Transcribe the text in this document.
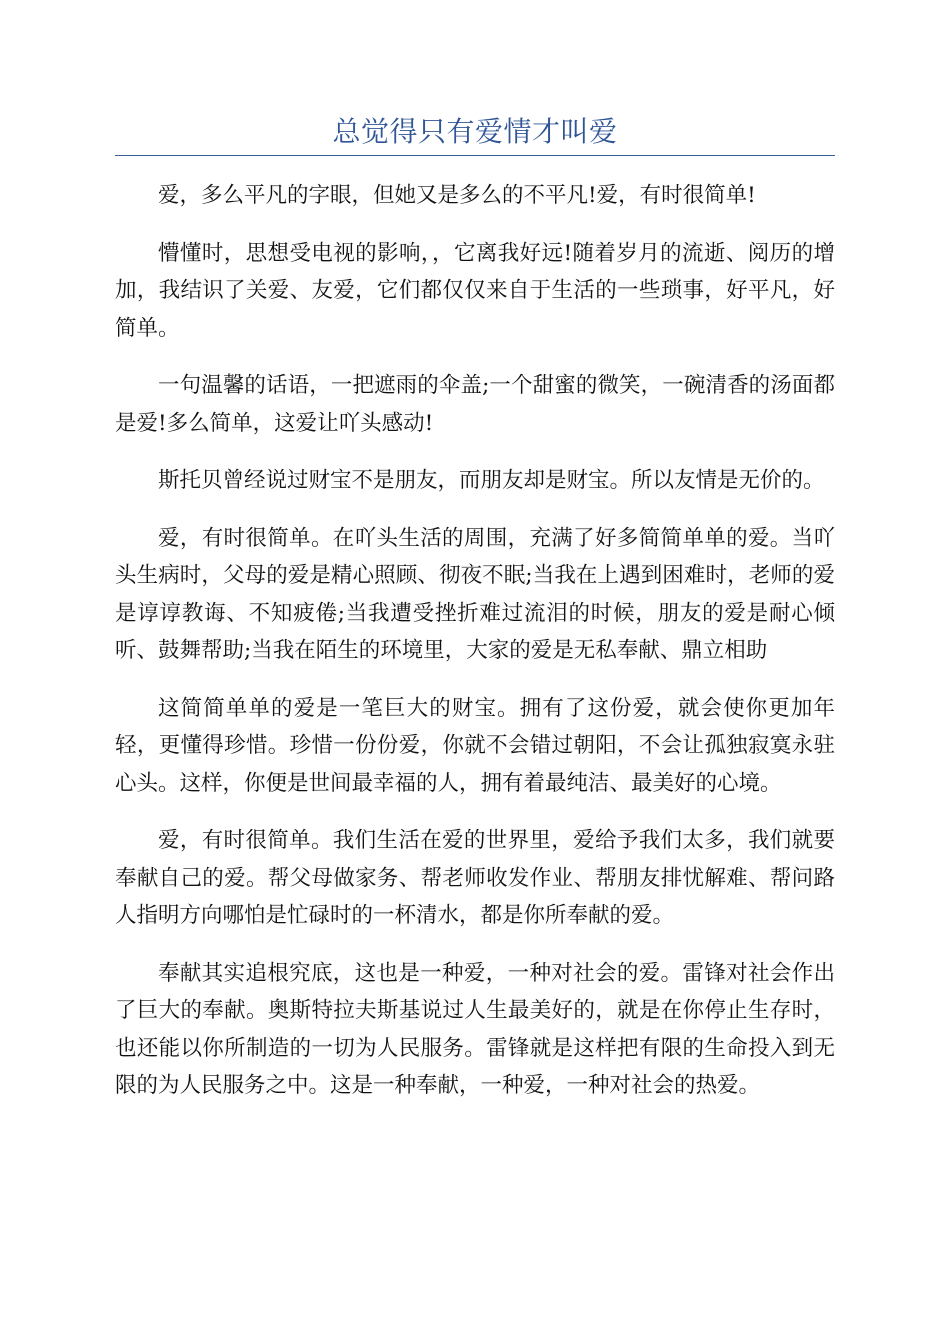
总觉得只有爱情才叫爱

爱，多么平凡的字眼，但她又是多么的不平凡!爱，有时很简单!

懵懂时，思想受电视的影响，，它离我好远!随着岁月的流逝、阅历的增加，我结识了关爱、友爱，它们都仅仅来自于生活的一些琐事，好平凡，好简单。

一句温馨的话语，一把遮雨的伞盖;一个甜蜜的微笑，一碗清香的汤面都是爱!多么简单，这爱让吖头感动!

斯托贝曾经说过财宝不是朋友，而朋友却是财宝。所以友情是无价的。

爱，有时很简单。在吖头生活的周围，充满了好多简简单单的爱。当吖头生病时，父母的爱是精心照顾、彻夜不眠;当我在上遇到困难时，老师的爱是谆谆教诲、不知疲倦;当我遭受挫折难过流泪的时候，朋友的爱是耐心倾听、鼓舞帮助;当我在陌生的环境里，大家的爱是无私奉献、鼎立相助

这简简单单的爱是一笔巨大的财宝。拥有了这份爱，就会使你更加年轻，更懂得珍惜。珍惜一份份爱，你就不会错过朝阳，不会让孤独寂寞永驻心头。这样，你便是世间最幸福的人，拥有着最纯洁、最美好的心境。

爱，有时很简单。我们生活在爱的世界里，爱给予我们太多，我们就要奉献自己的爱。帮父母做家务、帮老师收发作业、帮朋友排忧解难、帮问路人指明方向哪怕是忙碌时的一杯清水，都是你所奉献的爱。

奉献其实追根究底，这也是一种爱，一种对社会的爱。雷锋对社会作出了巨大的奉献。奥斯特拉夫斯基说过人生最美好的，就是在你停止生存时，也还能以你所制造的一切为人民服务。雷锋就是这样把有限的生命投入到无限的为人民服务之中。这是一种奉献，一种爱，一种对社会的热爱。
